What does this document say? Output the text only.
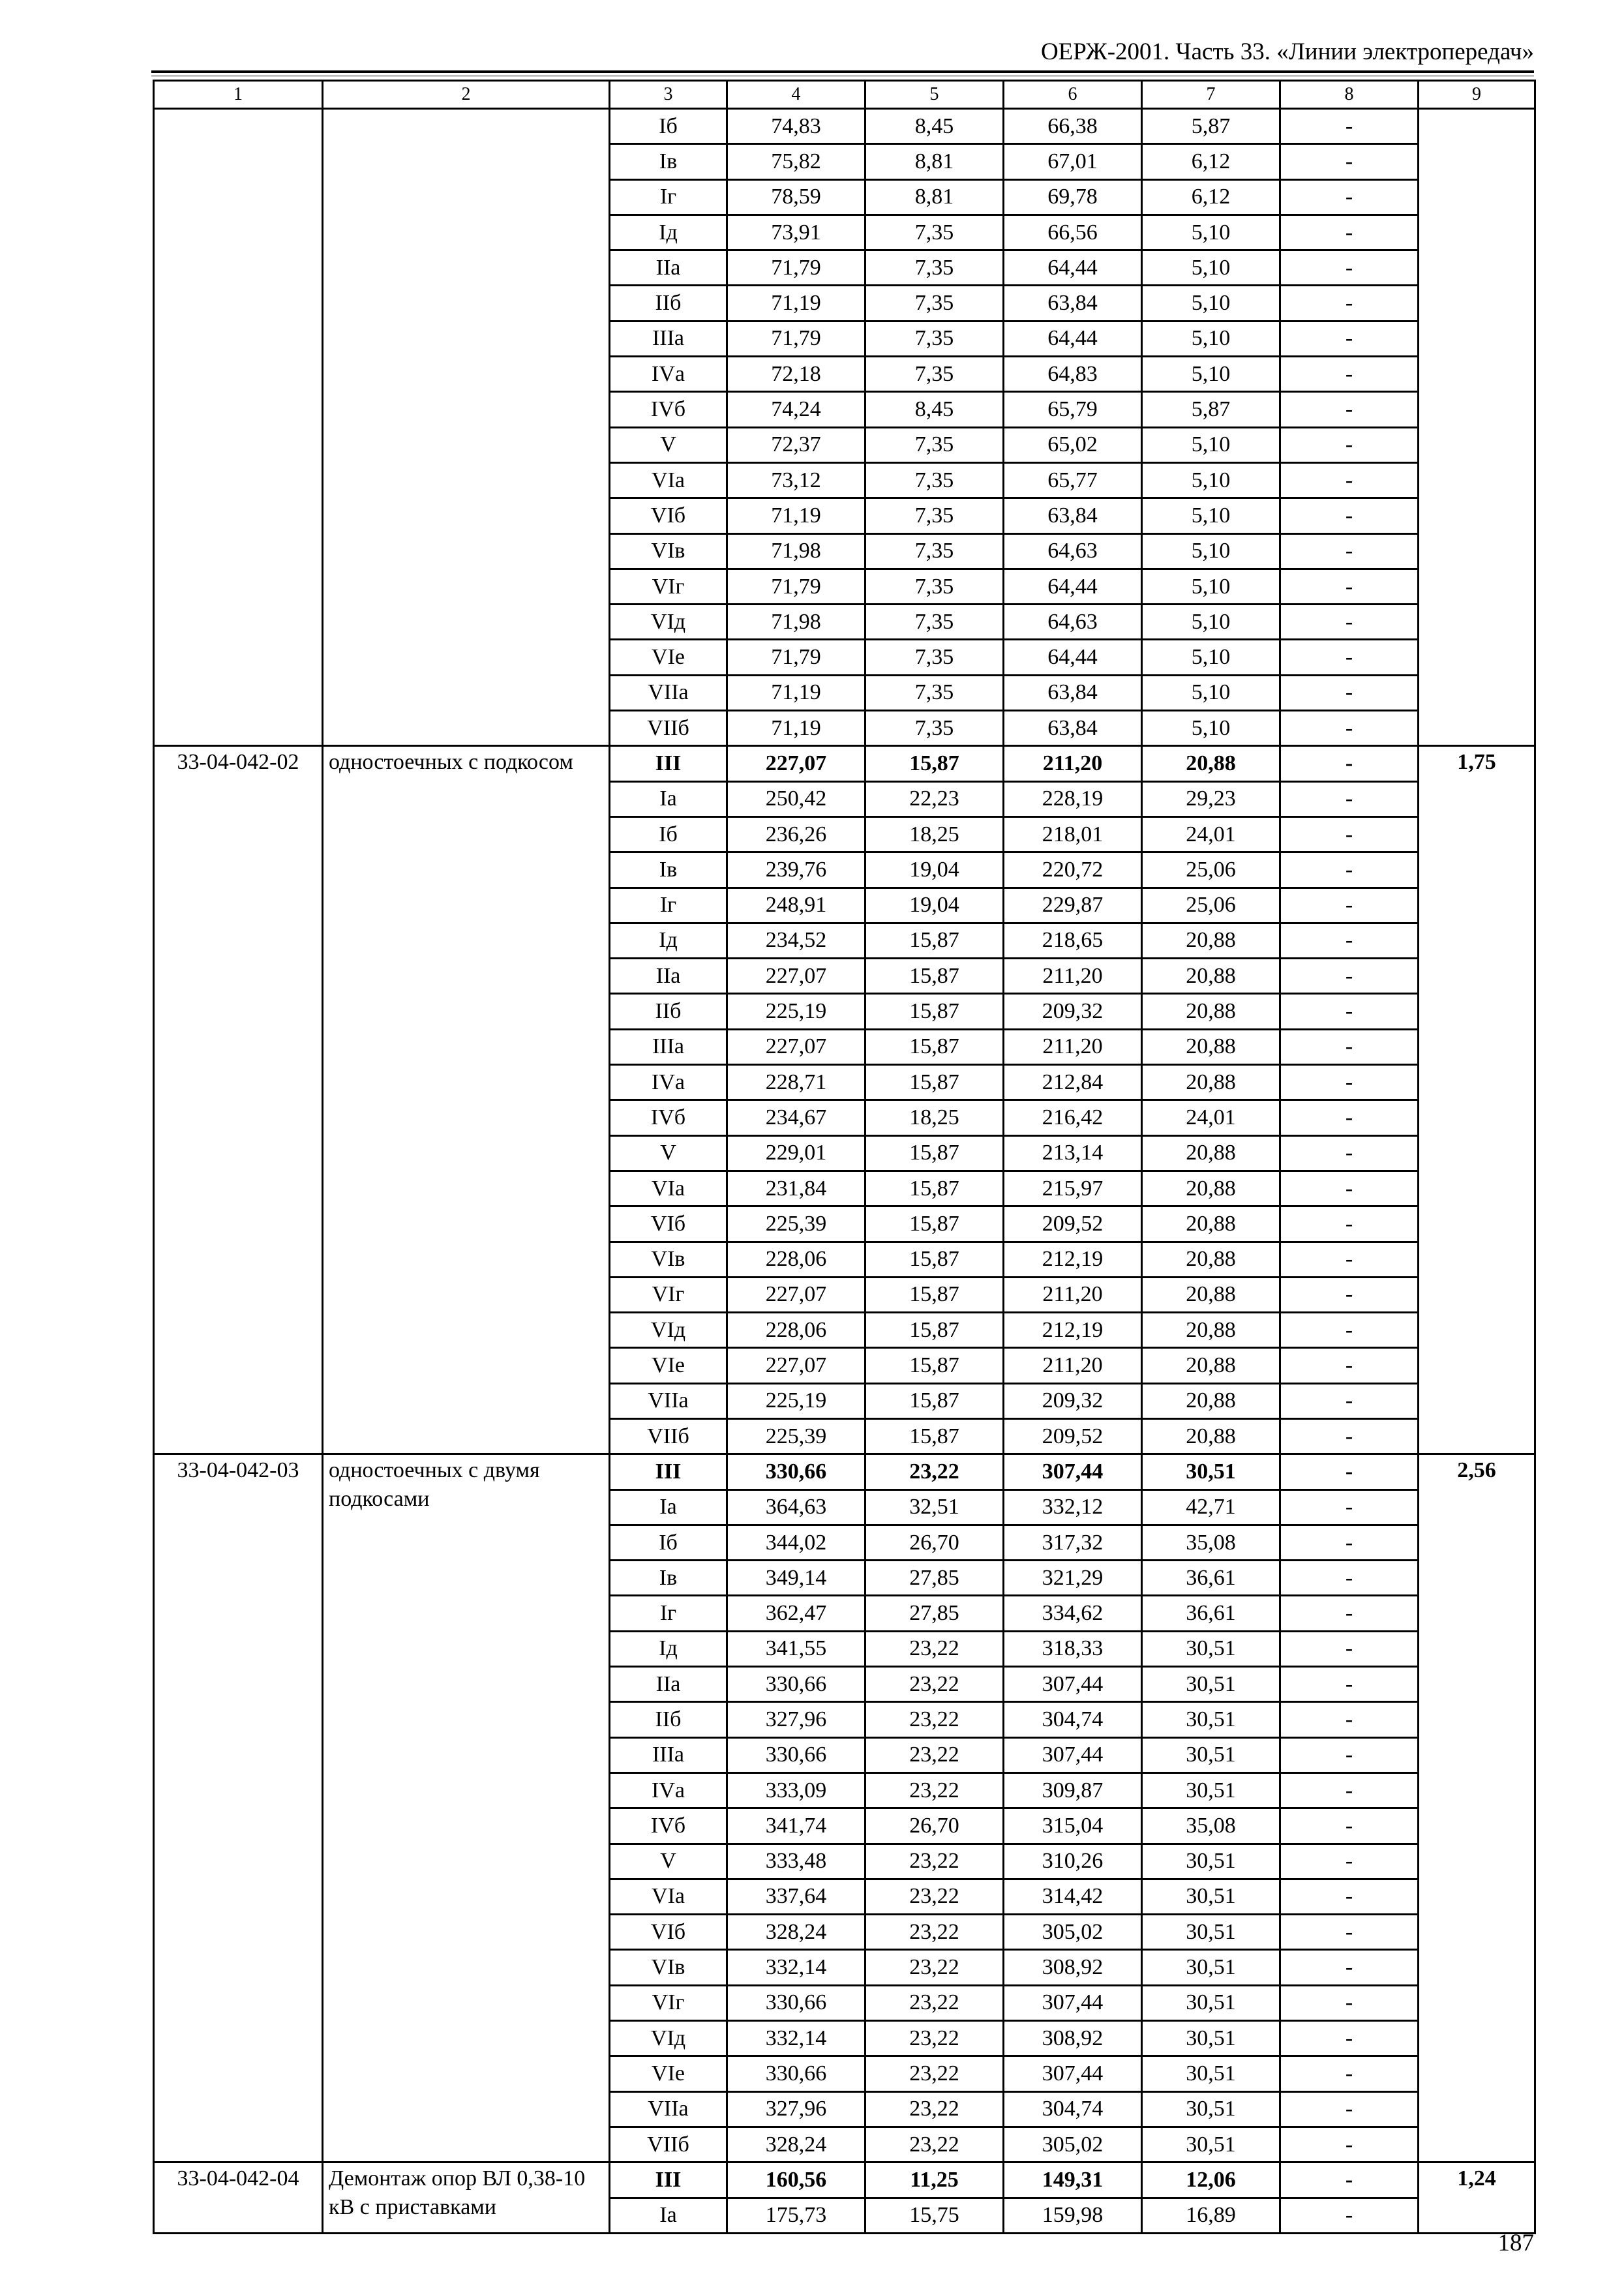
ОЕРЖ-2001. Часть 33. «Линии электропередач»
1	2	3	4	5	6	7	8	9
		Iб	74,83	8,45	66,38	5,87	-	
		Iв	75,82	8,81	67,01	6,12	-	
		Iг	78,59	8,81	69,78	6,12	-	
		Iд	73,91	7,35	66,56	5,10	-	
		IIа	71,79	7,35	64,44	5,10	-	
		IIб	71,19	7,35	63,84	5,10	-	
		IIIа	71,79	7,35	64,44	5,10	-	
		IVа	72,18	7,35	64,83	5,10	-	
		IVб	74,24	8,45	65,79	5,87	-	
		V	72,37	7,35	65,02	5,10	-	
		VIа	73,12	7,35	65,77	5,10	-	
		VIб	71,19	7,35	63,84	5,10	-	
		VIв	71,98	7,35	64,63	5,10	-	
		VIг	71,79	7,35	64,44	5,10	-	
		VIд	71,98	7,35	64,63	5,10	-	
		VIе	71,79	7,35	64,44	5,10	-	
		VIIа	71,19	7,35	63,84	5,10	-	
		VIIб	71,19	7,35	63,84	5,10	-	
33-04-042-02	одностоечных с подкосом	III	227,07	15,87	211,20	20,88	-	1,75
		Iа	250,42	22,23	228,19	29,23	-	
		Iб	236,26	18,25	218,01	24,01	-	
		Iв	239,76	19,04	220,72	25,06	-	
		Iг	248,91	19,04	229,87	25,06	-	
		Iд	234,52	15,87	218,65	20,88	-	
		IIа	227,07	15,87	211,20	20,88	-	
		IIб	225,19	15,87	209,32	20,88	-	
		IIIа	227,07	15,87	211,20	20,88	-	
		IVа	228,71	15,87	212,84	20,88	-	
		IVб	234,67	18,25	216,42	24,01	-	
		V	229,01	15,87	213,14	20,88	-	
		VIа	231,84	15,87	215,97	20,88	-	
		VIб	225,39	15,87	209,52	20,88	-	
		VIв	228,06	15,87	212,19	20,88	-	
		VIг	227,07	15,87	211,20	20,88	-	
		VIд	228,06	15,87	212,19	20,88	-	
		VIе	227,07	15,87	211,20	20,88	-	
		VIIа	225,19	15,87	209,32	20,88	-	
		VIIб	225,39	15,87	209,52	20,88	-	
33-04-042-03	одностоечных с двумя подкосами	III	330,66	23,22	307,44	30,51	-	2,56
		Iа	364,63	32,51	332,12	42,71	-	
		Iб	344,02	26,70	317,32	35,08	-	
		Iв	349,14	27,85	321,29	36,61	-	
		Iг	362,47	27,85	334,62	36,61	-	
		Iд	341,55	23,22	318,33	30,51	-	
		IIа	330,66	23,22	307,44	30,51	-	
		IIб	327,96	23,22	304,74	30,51	-	
		IIIа	330,66	23,22	307,44	30,51	-	
		IVа	333,09	23,22	309,87	30,51	-	
		IVб	341,74	26,70	315,04	35,08	-	
		V	333,48	23,22	310,26	30,51	-	
		VIа	337,64	23,22	314,42	30,51	-	
		VIб	328,24	23,22	305,02	30,51	-	
		VIв	332,14	23,22	308,92	30,51	-	
		VIг	330,66	23,22	307,44	30,51	-	
		VIд	332,14	23,22	308,92	30,51	-	
		VIе	330,66	23,22	307,44	30,51	-	
		VIIа	327,96	23,22	304,74	30,51	-	
		VIIб	328,24	23,22	305,02	30,51	-	
33-04-042-04	Демонтаж опор ВЛ 0,38-10 кВ с приставками	III	160,56	11,25	149,31	12,06	-	1,24
		Iа	175,73	15,75	159,98	16,89	-	
187
